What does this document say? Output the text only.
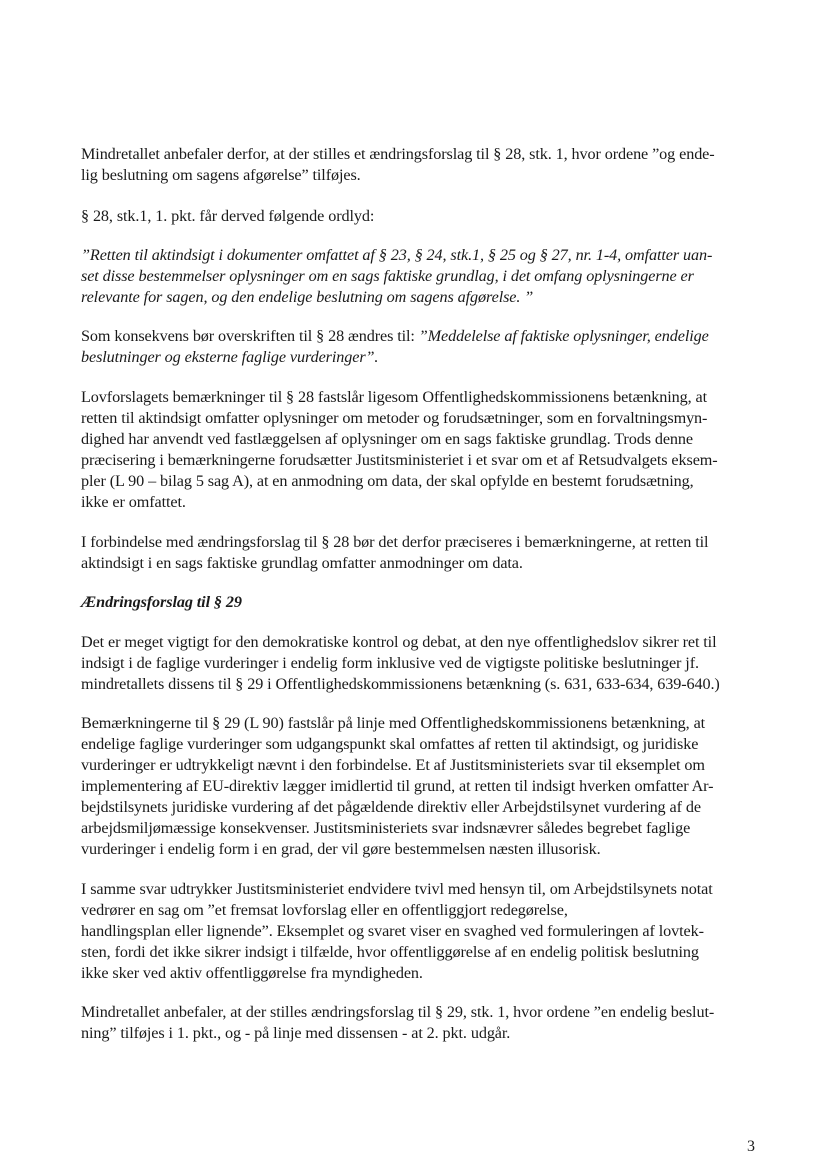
Mindretallet anbefaler derfor, at der stilles et ændringsforslag til § 28, stk. 1, hvor ordene ”og ende-
lig beslutning om sagens afgørelse” tilføjes.
§ 28, stk.1, 1. pkt. får derved følgende ordlyd:
”Retten til aktindsigt i dokumenter omfattet af § 23, § 24, stk.1, § 25 og § 27, nr. 1-4, omfatter uan-
set disse bestemmelser oplysninger om en sags faktiske grundlag, i det omfang oplysningerne er
relevante for sagen, og den endelige beslutning om sagens afgørelse. ”
Som konsekvens bør overskriften til § 28 ændres til: ”Meddelelse af faktiske oplysninger, endelige
beslutninger og eksterne faglige vurderinger”.
Lovforslagets bemærkninger til § 28 fastslår ligesom Offentlighedskommissionens betænkning, at
retten til aktindsigt omfatter oplysninger om metoder og forudsætninger, som en forvaltningsmyn-
dighed har anvendt ved fastlæggelsen af oplysninger om en sags faktiske grundlag. Trods denne
præcisering i bemærkningerne forudsætter Justitsministeriet i et svar om et af Retsudvalgets eksem-
pler (L 90 – bilag 5 sag A), at en anmodning om data, der skal opfylde en bestemt forudsætning,
ikke er omfattet.
I forbindelse med ændringsforslag til § 28 bør det derfor præciseres i bemærkningerne, at retten til
aktindsigt i en sags faktiske grundlag omfatter anmodninger om data.
Ændringsforslag til § 29
Det er meget vigtigt for den demokratiske kontrol og debat, at den nye offentlighedslov sikrer ret til
indsigt i de faglige vurderinger i endelig form inklusive ved de vigtigste politiske beslutninger jf.
mindretallets dissens til § 29 i Offentlighedskommissionens betænkning (s. 631, 633-634, 639-640.)
Bemærkningerne til § 29 (L 90) fastslår på linje med Offentlighedskommissionens betænkning, at
endelige faglige vurderinger som udgangspunkt skal omfattes af retten til aktindsigt, og juridiske
vurderinger er udtrykkeligt nævnt i den forbindelse. Et af Justitsministeriets svar til eksemplet om
implementering af EU-direktiv lægger imidlertid til grund, at retten til indsigt hverken omfatter Ar-
bejdstilsynets juridiske vurdering af det pågældende direktiv eller Arbejdstilsynet vurdering af de
arbejdsmiljømæssige konsekvenser. Justitsministeriets svar indsnævrer således begrebet faglige
vurderinger i endelig form i en grad, der vil gøre bestemmelsen næsten illusorisk.
I samme svar udtrykker Justitsministeriet endvidere tvivl med hensyn til, om Arbejdstilsynets notat
vedrører en sag om ”et fremsat lovforslag eller en offentliggjort redegørelse,
handlingsplan eller lignende”. Eksemplet og svaret viser en svaghed ved formuleringen af lovtek-
sten, fordi det ikke sikrer indsigt i tilfælde, hvor offentliggørelse af en endelig politisk beslutning
ikke sker ved aktiv offentliggørelse fra myndigheden.
Mindretallet anbefaler, at der stilles ændringsforslag til § 29, stk. 1, hvor ordene ”en endelig beslut-
ning” tilføjes i 1. pkt., og - på linje med dissensen - at 2. pkt. udgår.
3
